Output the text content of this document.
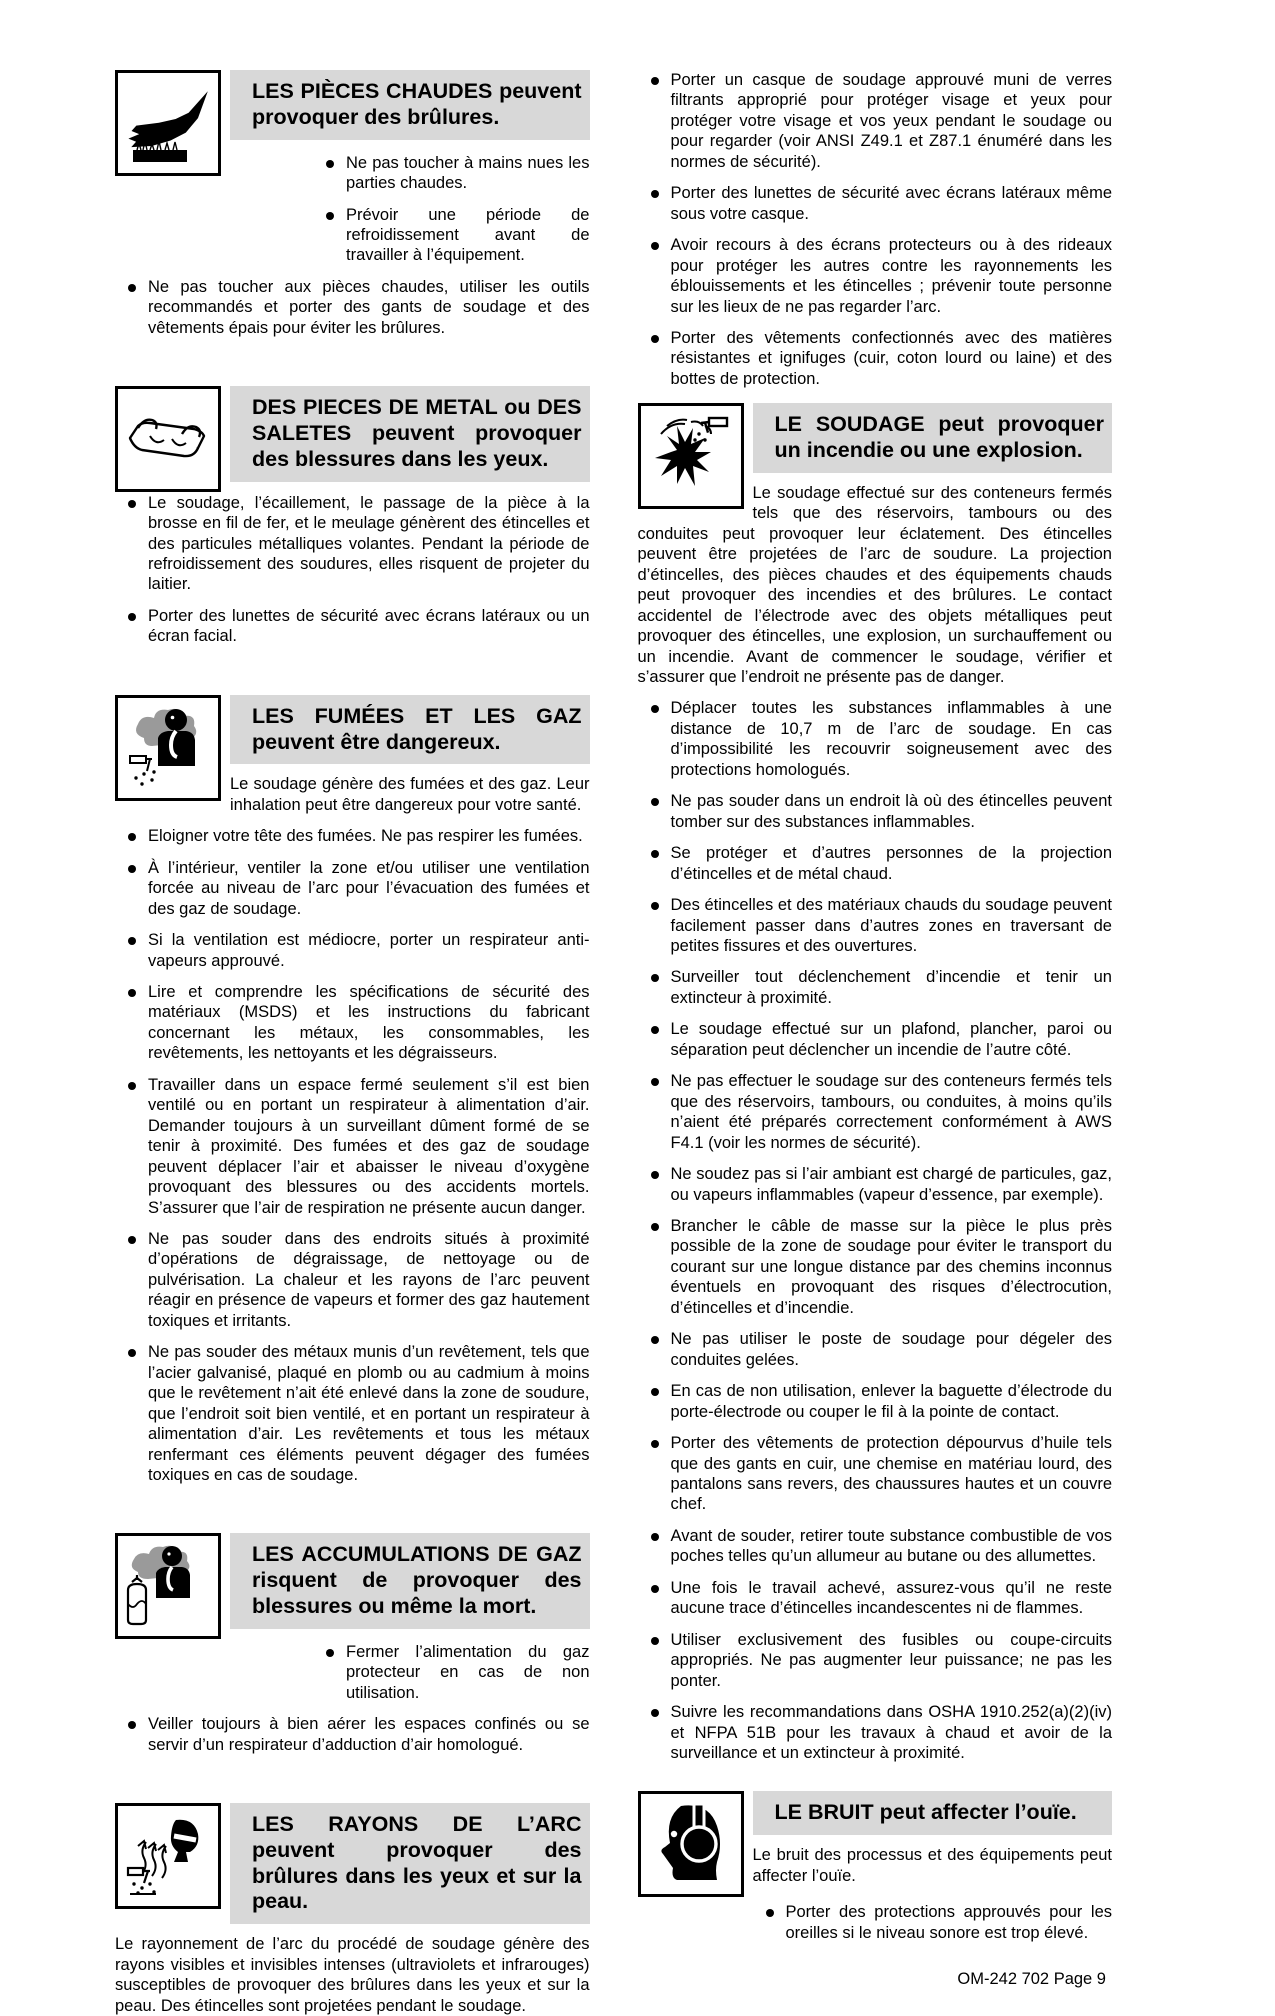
LES PIÈCES CHAUDES peuvent provoquer des brûlures.
Ne pas toucher à mains nues les parties chaudes.
Prévoir une période de refroidissement avant de travailler à l’équipement.
Ne pas toucher aux pièces chaudes, utiliser les outils recommandés et porter des gants de soudage et des vêtements épais pour éviter les brûlures.
DES PIECES DE METAL ou DES SALETES peuvent provoquer des blessures dans les yeux.
Le soudage, l’écaillement, le passage de la pièce à la brosse en fil de fer, et le meulage génèrent des étincelles et des particules métalliques volantes. Pendant la période de refroidissement des soudures, elles risquent de projeter du laitier.
Porter des lunettes de sécurité avec écrans latéraux ou un écran facial.
LES FUMÉES ET LES GAZ peuvent être dangereux.
Le soudage génère des fumées et des gaz. Leur inhalation peut être dangereux pour votre santé.
Eloigner votre tête des fumées. Ne pas respirer les fumées.
À l’intérieur, ventiler la zone et/ou utiliser une ventilation forcée au niveau de l’arc pour l’évacuation des fumées et des gaz de soudage.
Si la ventilation est médiocre, porter un respirateur anti-vapeurs approuvé.
Lire et comprendre les spécifications de sécurité des matériaux (MSDS) et les instructions du fabricant concernant les métaux, les consommables, les revêtements, les nettoyants et les dégraisseurs.
Travailler dans un espace fermé seulement s’il est bien ventilé ou en portant un respirateur à alimentation d’air. Demander toujours à un surveillant dûment formé de se tenir à proximité. Des fumées et des gaz de soudage peuvent déplacer l’air et abaisser le niveau d’oxygène provoquant des blessures ou des accidents mortels. S’assurer que l’air de respiration ne présente aucun danger.
Ne pas souder dans des endroits situés à proximité d’opérations de dégraissage, de nettoyage ou de pulvérisation. La chaleur et les rayons de l’arc peuvent réagir en présence de vapeurs et former des gaz hautement toxiques et irritants.
Ne pas souder des métaux munis d’un revêtement, tels que l’acier galvanisé, plaqué en plomb ou au cadmium à moins que le revêtement n’ait été enlevé dans la zone de soudure, que l’endroit soit bien ventilé, et en portant un respirateur à alimentation d’air. Les revêtements et tous les métaux renfermant ces éléments peuvent dégager des fumées toxiques en cas de soudage.
LES ACCUMULATIONS DE GAZ risquent de provoquer des blessures ou même la mort.
Fermer l’alimentation du gaz protecteur en cas de non utilisation.
Veiller toujours à bien aérer les espaces confinés ou se servir d’un respirateur d’adduction d’air homologué.
LES RAYONS DE L’ARC peuvent provoquer des brûlures dans les yeux et sur la peau.
Le rayonnement de l’arc du procédé de soudage génère des rayons visibles et invisibles intenses (ultraviolets et infrarouges) susceptibles de provoquer des brûlures dans les yeux et sur la peau. Des étincelles sont projetées pendant le soudage.
Porter un casque de soudage approuvé muni de verres filtrants approprié pour protéger visage et yeux pour protéger votre visage et vos yeux pendant le soudage ou pour regarder (voir ANSI Z49.1 et Z87.1 énuméré dans les normes de sécurité).
Porter des lunettes de sécurité avec écrans latéraux même sous votre casque.
Avoir recours à des écrans protecteurs ou à des rideaux pour protéger les autres contre les rayonnements les éblouissements et les étincelles ; prévenir toute personne sur les lieux de ne pas regarder l’arc.
Porter des vêtements confectionnés avec des matières résistantes et ignifuges (cuir, coton lourd ou laine) et des bottes de protection.
LE SOUDAGE peut provoquer un incendie ou une explosion.
Le soudage effectué sur des conteneurs fermés tels que des réservoirs, tambours ou des conduites peut provoquer leur éclatement. Des étincelles peuvent être projetées de l’arc de soudure. La projection d’étincelles, des pièces chaudes et des équipements chauds peut provoquer des incendies et des brûlures. Le contact accidentel de l’électrode avec des objets métalliques peut provoquer des étincelles, une explosion, un surchauffement ou un incendie. Avant de commencer le soudage, vérifier et s’assurer que l’endroit ne présente pas de danger.
Déplacer toutes les substances inflammables à une distance de 10,7 m de l’arc de soudage. En cas d’impossibilité les recouvrir soigneusement avec des protections homologués.
Ne pas souder dans un endroit là où des étincelles peuvent tomber sur des substances inflammables.
Se protéger et d’autres personnes de la projection d’étincelles et de métal chaud.
Des étincelles et des matériaux chauds du soudage peuvent facilement passer dans d’autres zones en traversant de petites fissures et des ouvertures.
Surveiller tout déclenchement d’incendie et tenir un extincteur à proximité.
Le soudage effectué sur un plafond, plancher, paroi ou séparation peut déclencher un incendie de l’autre côté.
Ne pas effectuer le soudage sur des conteneurs fermés tels que des réservoirs, tambours, ou conduites, à moins qu’ils n’aient été préparés correctement conformément à AWS F4.1 (voir les normes de sécurité).
Ne soudez pas si l’air ambiant est chargé de particules, gaz, ou vapeurs inflammables (vapeur d’essence, par exemple).
Brancher le câble de masse sur la pièce le plus près possible de la zone de soudage pour éviter le transport du courant sur une longue distance par des chemins inconnus éventuels en provoquant des risques d’électrocution, d’étincelles et d’incendie.
Ne pas utiliser le poste de soudage pour dégeler des conduites gelées.
En cas de non utilisation, enlever la baguette d’électrode du porte-électrode ou couper le fil à la pointe de contact.
Porter des vêtements de protection dépourvus d’huile tels que des gants en cuir, une chemise en matériau lourd, des pantalons sans revers, des chaussures hautes et un couvre chef.
Avant de souder, retirer toute substance combustible de vos poches telles qu’un allumeur au butane ou des allumettes.
Une fois le travail achevé, assurez-vous qu’il ne reste aucune trace d’étincelles incandescentes ni de flammes.
Utiliser exclusivement des fusibles ou coupe-circuits appropriés. Ne pas augmenter leur puissance; ne pas les ponter.
Suivre les recommandations dans OSHA 1910.252(a)(2)(iv) et NFPA 51B pour les travaux à chaud et avoir de la surveillance et un extincteur à proximité.
LE BRUIT peut affecter l’ouïe.
Le bruit des processus et des équipements peut affecter l’ouïe.
Porter des protections approuvés pour les oreilles si le niveau sonore est trop élevé.
OM-242 702 Page 9
